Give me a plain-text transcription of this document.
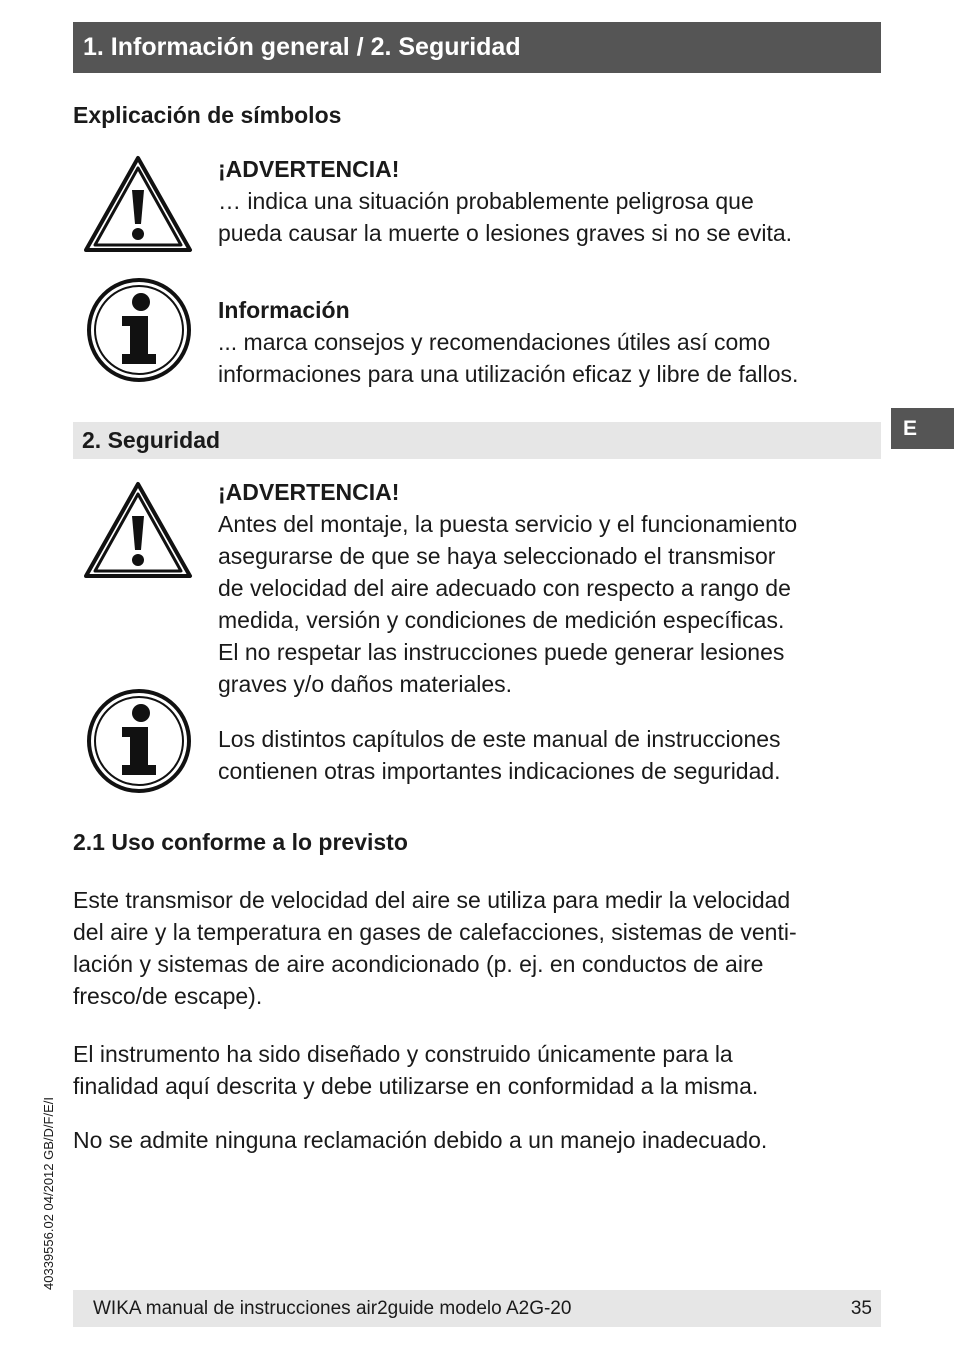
1. Información general / 2. Seguridad
Explicación de símbolos
¡ADVERTENCIA!
… indica una situación probablemente peligrosa que
pueda causar la muerte o lesiones graves si no se evita.
Información
... marca consejos y recomendaciones útiles así como
informaciones para una utilización eficaz y libre de fallos.
E
2. Seguridad
¡ADVERTENCIA!
Antes del montaje, la puesta servicio y el funcionamiento
asegurarse de que se haya seleccionado el transmisor
de velocidad del aire adecuado con respecto a rango de
medida, versión y condiciones de medición específicas.
El no respetar las instrucciones puede generar lesiones
graves y/o daños materiales.
Los distintos capítulos de este manual de instrucciones
contienen otras importantes indicaciones de seguridad.
2.1 Uso conforme a lo previsto
Este transmisor de velocidad del aire se utiliza para medir la velocidad
del aire y la temperatura en gases de calefacciones, sistemas de venti-
lación y sistemas de aire acondicionado (p. ej. en conductos de aire
fresco/de escape).
El instrumento ha sido diseñado y construido únicamente para la
finalidad aquí descrita y debe utilizarse en conformidad a la misma.
No se admite ninguna reclamación debido a un manejo inadecuado.
40339556.02 04/2012 GB/D/F/E/I
WIKA manual de instrucciones air2guide modelo A2G-20	35
